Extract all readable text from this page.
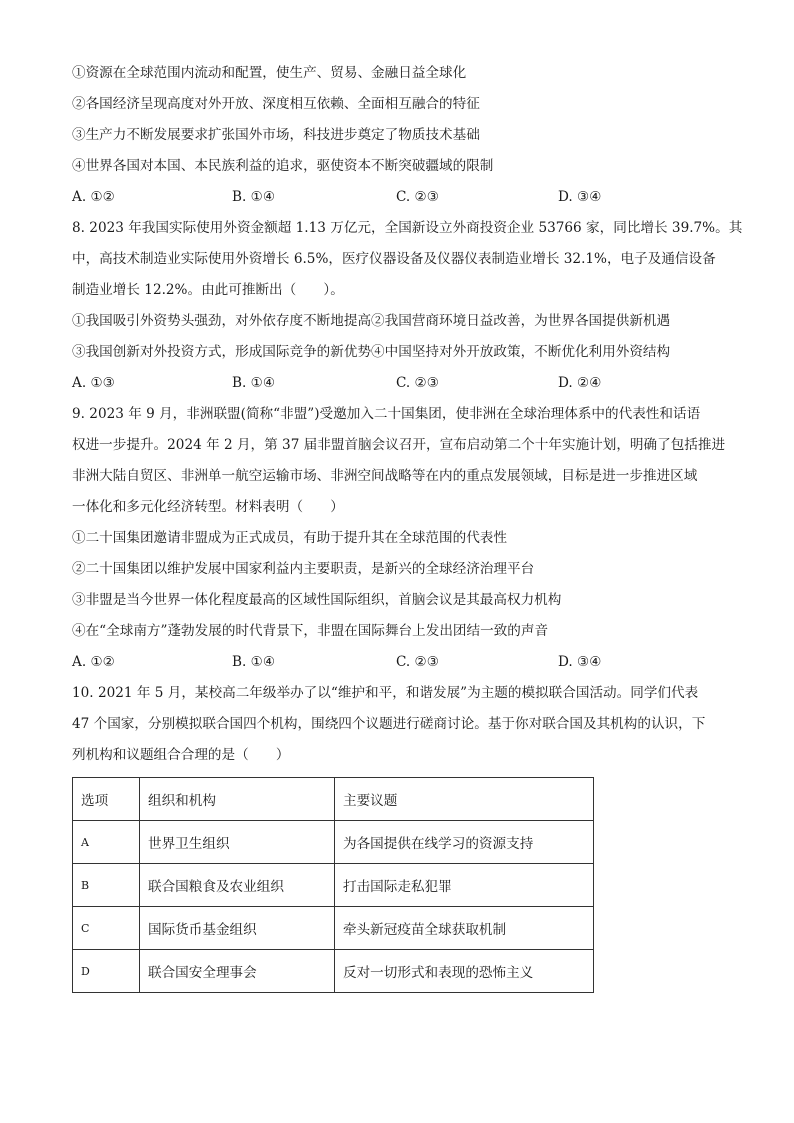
①资源在全球范围内流动和配置，使生产、贸易、金融日益全球化
②各国经济呈现高度对外开放、深度相互依赖、全面相互融合的特征
③生产力不断发展要求扩张国外市场，科技进步奠定了物质技术基础
④世界各国对本国、本民族利益的追求，驱使资本不断突破疆域的限制
A. ①②	B. ①④	C. ②③	D. ③④
8. 2023 年我国实际使用外资金额超 1.13 万亿元，全国新设立外商投资企业 53766 家，同比增长 39.7%。其
中，高技术制造业实际使用外资增长 6.5%，医疗仪器设备及仪器仪表制造业增长 32.1%，电子及通信设备
制造业增长 12.2%。由此可推断出（　　）。
①我国吸引外资势头强劲，对外依存度不断地提高②我国营商环境日益改善，为世界各国提供新机遇
③我国创新对外投资方式，形成国际竞争的新优势④中国坚持对外开放政策，不断优化利用外资结构
A. ①③	B. ①④	C. ②③	D. ②④
9. 2023 年 9 月，非洲联盟(简称“非盟”)受邀加入二十国集团，使非洲在全球治理体系中的代表性和话语
权进一步提升。2024 年 2 月，第 37 届非盟首脑会议召开，宣布启动第二个十年实施计划，明确了包括推进
非洲大陆自贸区、非洲单一航空运输市场、非洲空间战略等在内的重点发展领域，目标是进一步推进区域
一体化和多元化经济转型。材料表明（　　）
①二十国集团邀请非盟成为正式成员，有助于提升其在全球范围的代表性
②二十国集团以维护发展中国家利益内主要职责，是新兴的全球经济治理平台
③非盟是当今世界一体化程度最高的区域性国际组织，首脑会议是其最高权力机构
④在“全球南方”蓬勃发展的时代背景下，非盟在国际舞台上发出团结一致的声音
A. ①②	B. ①④	C. ②③	D. ③④
10. 2021 年 5 月，某校高二年级举办了以“维护和平，和谐发展”为主题的模拟联合国活动。同学们代表
47 个国家，分别模拟联合国四个机构，围绕四个议题进行磋商讨论。基于你对联合国及其机构的认识，下
列机构和议题组合合理的是（　　）
选项	组织和机构	主要议题
A	世界卫生组织	为各国提供在线学习的资源支持
B	联合国粮食及农业组织	打击国际走私犯罪
C	国际货币基金组织	牵头新冠疫苗全球获取机制
D	联合国安全理事会	反对一切形式和表现的恐怖主义
